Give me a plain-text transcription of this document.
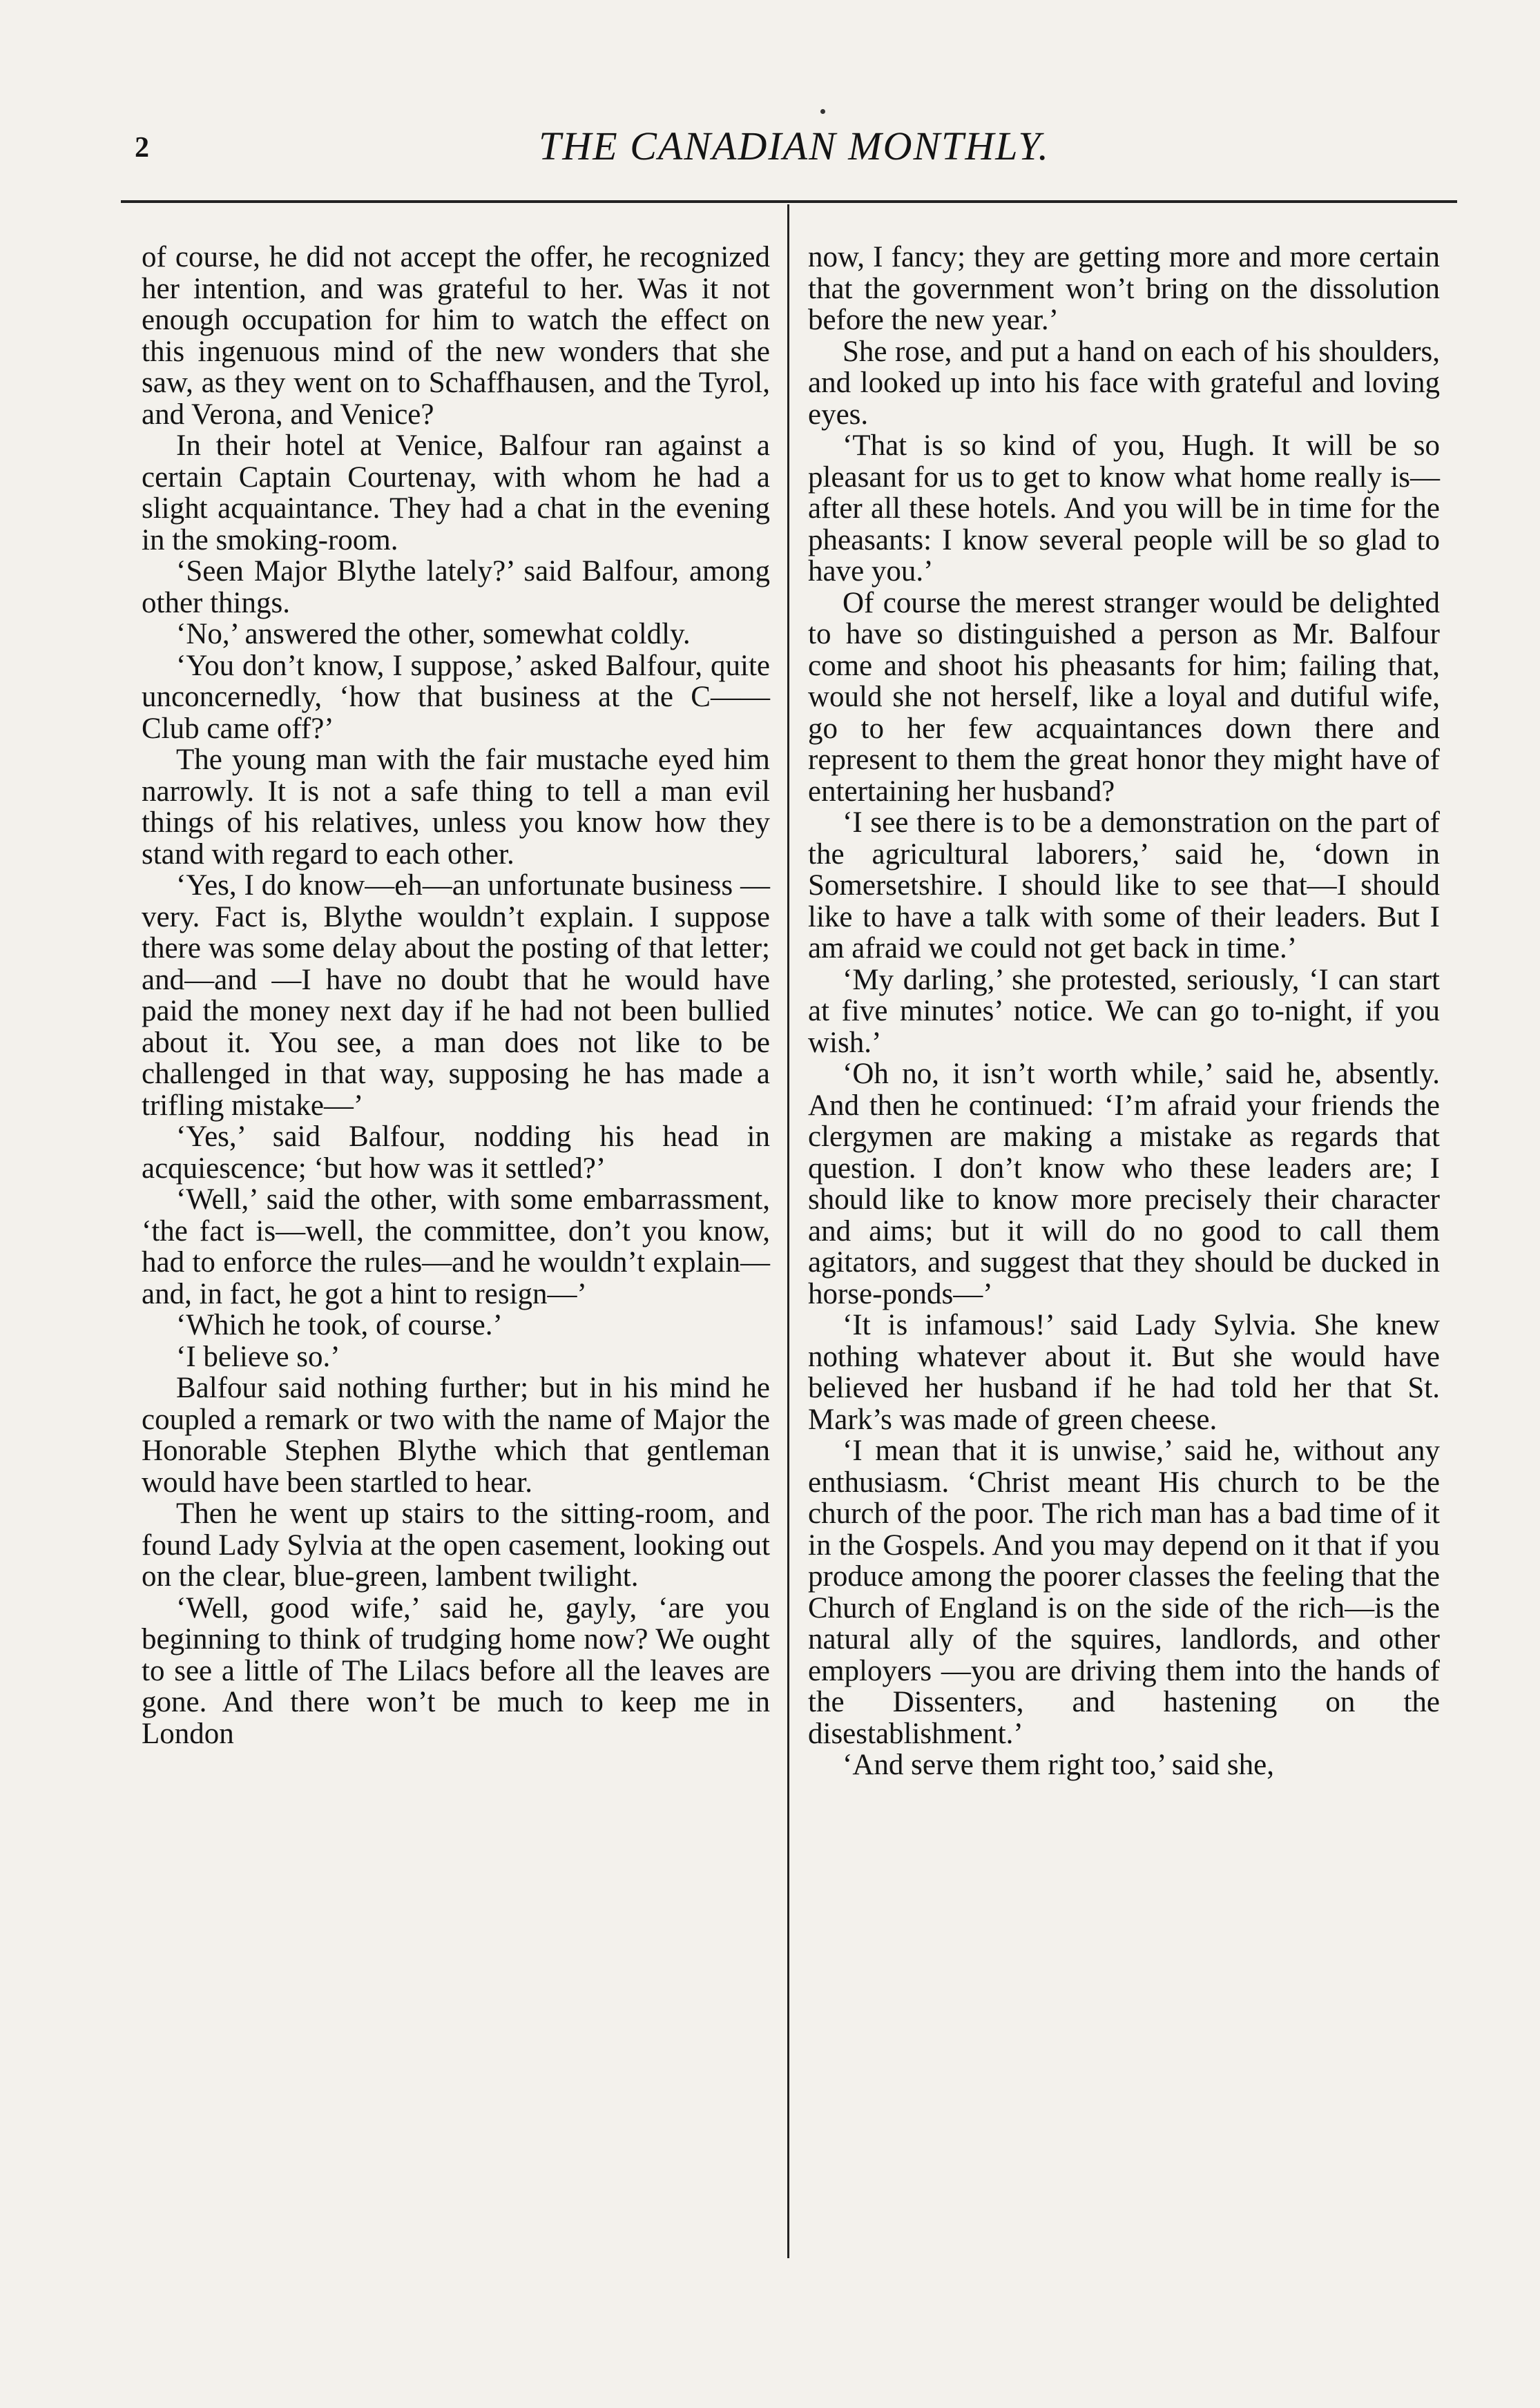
2	THE CANADIAN MONTHLY.

of course, he did not accept the offer, he recognized her intention, and was grateful to her. Was it not enough occupation for him to watch the effect on this ingenuous mind of the new wonders that she saw, as they went on to Schaffhausen, and the Tyrol, and Verona, and Venice?

In their hotel at Venice, Balfour ran against a certain Captain Courtenay, with whom he had a slight acquaintance. They had a chat in the evening in the smoking-room.

‘Seen Major Blythe lately?’ said Balfour, among other things.

‘No,’ answered the other, somewhat coldly.

‘You don’t know, I suppose,’ asked Balfour, quite unconcernedly, ‘how that business at the C—— Club came off?’

The young man with the fair mustache eyed him narrowly. It is not a safe thing to tell a man evil things of his relatives, unless you know how they stand with regard to each other.

‘Yes, I do know—eh—an unfortunate business —very. Fact is, Blythe wouldn’t explain. I suppose there was some delay about the posting of that letter; and—and —I have no doubt that he would have paid the money next day if he had not been bullied about it. You see, a man does not like to be challenged in that way, supposing he has made a trifling mistake—’

‘Yes,’ said Balfour, nodding his head in acquiescence; ‘but how was it settled?’

‘Well,’ said the other, with some embarrassment, ‘the fact is—well, the committee, don’t you know, had to enforce the rules—and he wouldn’t explain—and, in fact, he got a hint to resign—’

‘Which he took, of course.’

‘I believe so.’

Balfour said nothing further; but in his mind he coupled a remark or two with the name of Major the Honorable Stephen Blythe which that gentleman would have been startled to hear.

Then he went up stairs to the sitting-room, and found Lady Sylvia at the open casement, looking out on the clear, blue-green, lambent twilight.

‘Well, good wife,’ said he, gayly, ‘are you beginning to think of trudging home now? We ought to see a little of The Lilacs before all the leaves are gone. And there won’t be much to keep me in London

now, I fancy; they are getting more and more certain that the government won’t bring on the dissolution before the new year.’

She rose, and put a hand on each of his shoulders, and looked up into his face with grateful and loving eyes.

‘That is so kind of you, Hugh. It will be so pleasant for us to get to know what home really is—after all these hotels. And you will be in time for the pheasants: I know several people will be so glad to have you.’

Of course the merest stranger would be delighted to have so distinguished a person as Mr. Balfour come and shoot his pheasants for him; failing that, would she not herself, like a loyal and dutiful wife, go to her few acquaintances down there and represent to them the great honor they might have of entertaining her husband?

‘I see there is to be a demonstration on the part of the agricultural laborers,’ said he, ‘down in Somersetshire. I should like to see that—I should like to have a talk with some of their leaders. But I am afraid we could not get back in time.’

‘My darling,’ she protested, seriously, ‘I can start at five minutes’ notice. We can go to-night, if you wish.’

‘Oh no, it isn’t worth while,’ said he, absently. And then he continued: ‘I’m afraid your friends the clergymen are making a mistake as regards that question. I don’t know who these leaders are; I should like to know more precisely their character and aims; but it will do no good to call them agitators, and suggest that they should be ducked in horse-ponds—’

‘It is infamous!’ said Lady Sylvia. She knew nothing whatever about it. But she would have believed her husband if he had told her that St. Mark’s was made of green cheese.

‘I mean that it is unwise,’ said he, without any enthusiasm. ‘Christ meant His church to be the church of the poor. The rich man has a bad time of it in the Gospels. And you may depend on it that if you produce among the poorer classes the feeling that the Church of England is on the side of the rich—is the natural ally of the squires, landlords, and other employers —you are driving them into the hands of the Dissenters, and hastening on the disestablishment.’

‘And serve them right too,’ said she,
